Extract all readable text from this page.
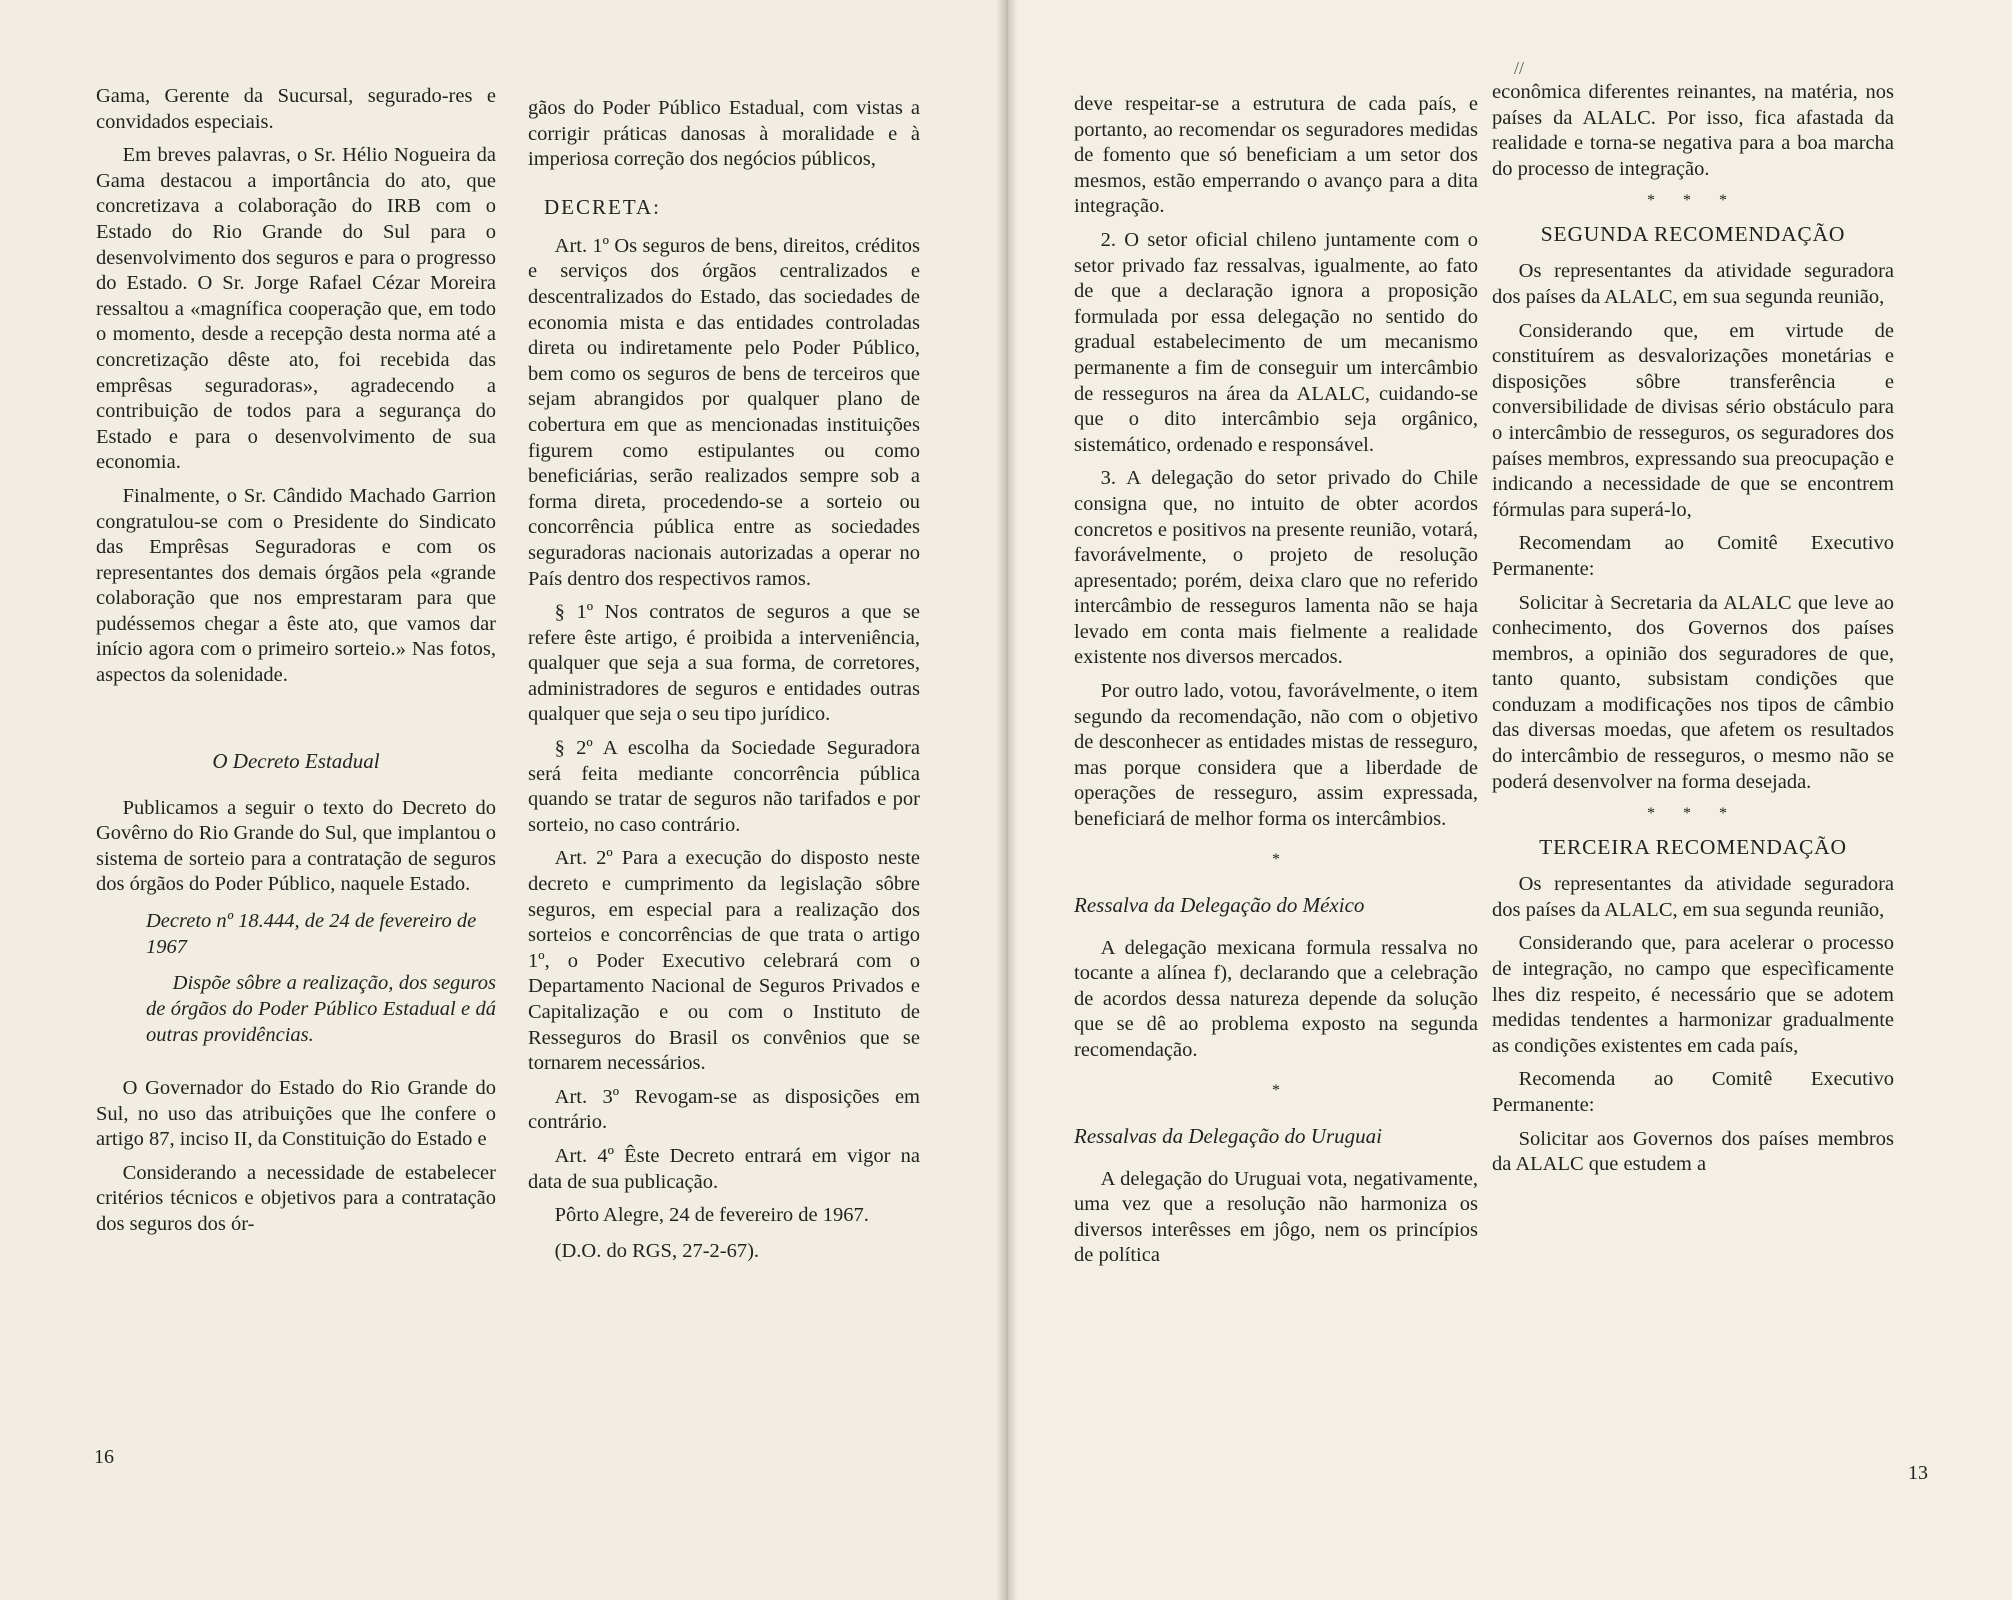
Gama, Gerente da Sucursal, segurado-res e convidados especiais.
Em breves palavras, o Sr. Hélio Nogueira da Gama destacou a importância do ato, que concretizava a colaboração do IRB com o Estado do Rio Grande do Sul para o desenvolvimento dos seguros e para o progresso do Estado. O Sr. Jorge Rafael Cézar Moreira ressaltou a «magnífica cooperação que, em todo o momento, desde a recepção desta norma até a concretização dêste ato, foi recebida das emprêsas seguradoras», agradecendo a contribuição de todos para a segurança do Estado e para o desenvolvimento de sua economia.
Finalmente, o Sr. Cândido Machado Garrion congratulou-se com o Presidente do Sindicato das Emprêsas Seguradoras e com os representantes dos demais órgãos pela «grande colaboração que nos emprestaram para que pudéssemos chegar a êste ato, que vamos dar início agora com o primeiro sorteio.» Nas fotos, aspectos da solenidade.
O Decreto Estadual
Publicamos a seguir o texto do Decreto do Govêrno do Rio Grande do Sul, que implantou o sistema de sorteio para a contratação de seguros dos órgãos do Poder Público, naquele Estado.
Decreto nº 18.444, de 24 de fevereiro de 1967
Dispõe sôbre a realização, dos seguros de órgãos do Poder Público Estadual e dá outras providências.
O Governador do Estado do Rio Grande do Sul, no uso das atribuições que lhe confere o artigo 87, inciso II, da Constituição do Estado e
Considerando a necessidade de estabelecer critérios técnicos e objetivos para a contratação dos seguros dos ór-
gãos do Poder Público Estadual, com vistas a corrigir práticas danosas à moralidade e à imperiosa correção dos negócios públicos,
DECRETA:
Art. 1º Os seguros de bens, direitos, créditos e serviços dos órgãos centralizados e descentralizados do Estado, das sociedades de economia mista e das entidades controladas direta ou indiretamente pelo Poder Público, bem como os seguros de bens de terceiros que sejam abrangidos por qualquer plano de cobertura em que as mencionadas instituições figurem como estipulantes ou como beneficiárias, serão realizados sempre sob a forma direta, procedendo-se a sorteio ou concorrência pública entre as sociedades seguradoras nacionais autorizadas a operar no País dentro dos respectivos ramos.
§ 1º Nos contratos de seguros a que se refere êste artigo, é proibida a interveniência, qualquer que seja a sua forma, de corretores, administradores de seguros e entidades outras qualquer que seja o seu tipo jurídico.
§ 2º A escolha da Sociedade Seguradora será feita mediante concorrência pública quando se tratar de seguros não tarifados e por sorteio, no caso contrário.
Art. 2º Para a execução do disposto neste decreto e cumprimento da legislação sôbre seguros, em especial para a realização dos sorteios e concorrências de que trata o artigo 1º, o Poder Executivo celebrará com o Departamento Nacional de Seguros Privados e Capitalização e ou com o Instituto de Resseguros do Brasil os convênios que se tornarem necessários.
Art. 3º Revogam-se as disposições em contrário.
Art. 4º Êste Decreto entrará em vigor na data de sua publicação.
Pôrto Alegre, 24 de fevereiro de 1967.
(D.O. do RGS, 27-2-67).
16
//
deve respeitar-se a estrutura de cada país, e portanto, ao recomendar os seguradores medidas de fomento que só beneficiam a um setor dos mesmos, estão emperrando o avanço para a dita integração.
2. O setor oficial chileno juntamente com o setor privado faz ressalvas, igualmente, ao fato de que a declaração ignora a proposição formulada por essa delegação no sentido do gradual estabelecimento de um mecanismo permanente a fim de conseguir um intercâmbio de resseguros na área da ALALC, cuidando-se que o dito intercâmbio seja orgânico, sistemático, ordenado e responsável.
3. A delegação do setor privado do Chile consigna que, no intuito de obter acordos concretos e positivos na presente reunião, votará, favorávelmente, o projeto de resolução apresentado; porém, deixa claro que no referido intercâmbio de resseguros lamenta não se haja levado em conta mais fielmente a realidade existente nos diversos mercados.
Por outro lado, votou, favorávelmente, o item segundo da recomendação, não com o objetivo de desconhecer as entidades mistas de resseguro, mas porque considera que a liberdade de operações de resseguro, assim expressada, beneficiará de melhor forma os intercâmbios.
*
Ressalva da Delegação do México
A delegação mexicana formula ressalva no tocante a alínea f), declarando que a celebração de acordos dessa natureza depende da solução que se dê ao problema exposto na segunda recomendação.
*
Ressalvas da Delegação do Uruguai
A delegação do Uruguai vota, negativamente, uma vez que a resolução não harmoniza os diversos interêsses em jôgo, nem os princípios de política
econômica diferentes reinantes, na matéria, nos países da ALALC. Por isso, fica afastada da realidade e torna-se negativa para a boa marcha do processo de integração.
* * *
SEGUNDA RECOMENDAÇÃO
Os representantes da atividade seguradora dos países da ALALC, em sua segunda reunião,
Considerando que, em virtude de constituírem as desvalorizações monetárias e disposições sôbre transferência e conversibilidade de divisas sério obstáculo para o intercâmbio de resseguros, os seguradores dos países membros, expressando sua preocupação e indicando a necessidade de que se encontrem fórmulas para superá-lo,
Recomendam ao Comitê Executivo Permanente:
Solicitar à Secretaria da ALALC que leve ao conhecimento, dos Governos dos países membros, a opinião dos seguradores de que, tanto quanto, subsistam condições que conduzam a modificações nos tipos de câmbio das diversas moedas, que afetem os resultados do intercâmbio de resseguros, o mesmo não se poderá desenvolver na forma desejada.
* * *
TERCEIRA RECOMENDAÇÃO
Os representantes da atividade seguradora dos países da ALALC, em sua segunda reunião,
Considerando que, para acelerar o processo de integração, no campo que especìficamente lhes diz respeito, é necessário que se adotem medidas tendentes a harmonizar gradualmente as condições existentes em cada país,
Recomenda ao Comitê Executivo Permanente:
Solicitar aos Governos dos países membros da ALALC que estudem a
13
